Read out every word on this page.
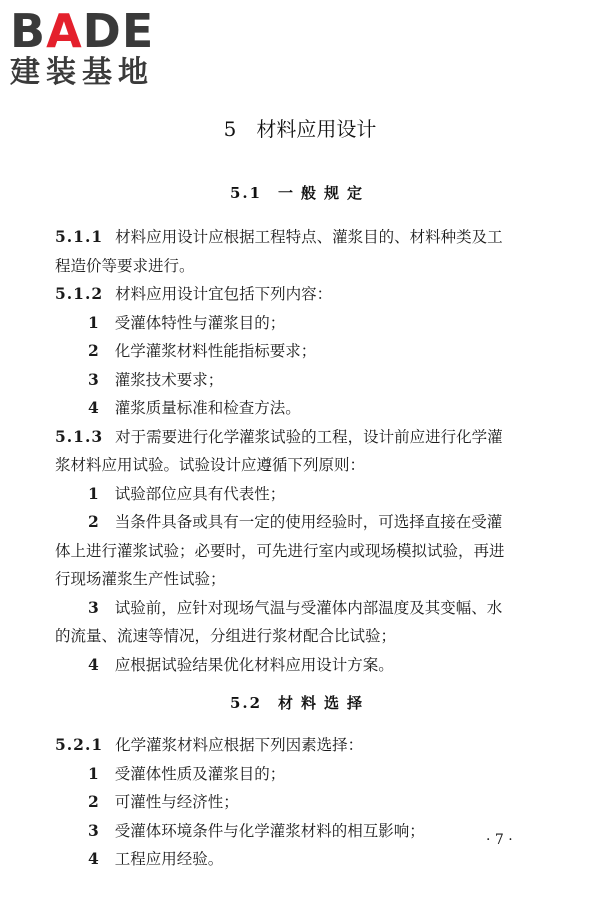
BADE
建装基地
5 材料应用设计
5.1 一般规定
5.1.1 材料应用设计应根据工程特点、灌浆目的、材料种类及工
程造价等要求进行。
5.1.2 材料应用设计宜包括下列内容：
1 受灌体特性与灌浆目的；
2 化学灌浆材料性能指标要求；
3 灌浆技术要求；
4 灌浆质量标准和检查方法。
5.1.3 对于需要进行化学灌浆试验的工程，设计前应进行化学灌
浆材料应用试验。试验设计应遵循下列原则：
1 试验部位应具有代表性；
2 当条件具备或具有一定的使用经验时，可选择直接在受灌
体上进行灌浆试验；必要时，可先进行室内或现场模拟试验，再进
行现场灌浆生产性试验；
3 试验前，应针对现场气温与受灌体内部温度及其变幅、水
的流量、流速等情况，分组进行浆材配合比试验；
4 应根据试验结果优化材料应用设计方案。
5.2 材料选择
5.2.1 化学灌浆材料应根据下列因素选择：
1 受灌体性质及灌浆目的；
2 可灌性与经济性；
3 受灌体环境条件与化学灌浆材料的相互影响；
4 工程应用经验。
· 7 ·
